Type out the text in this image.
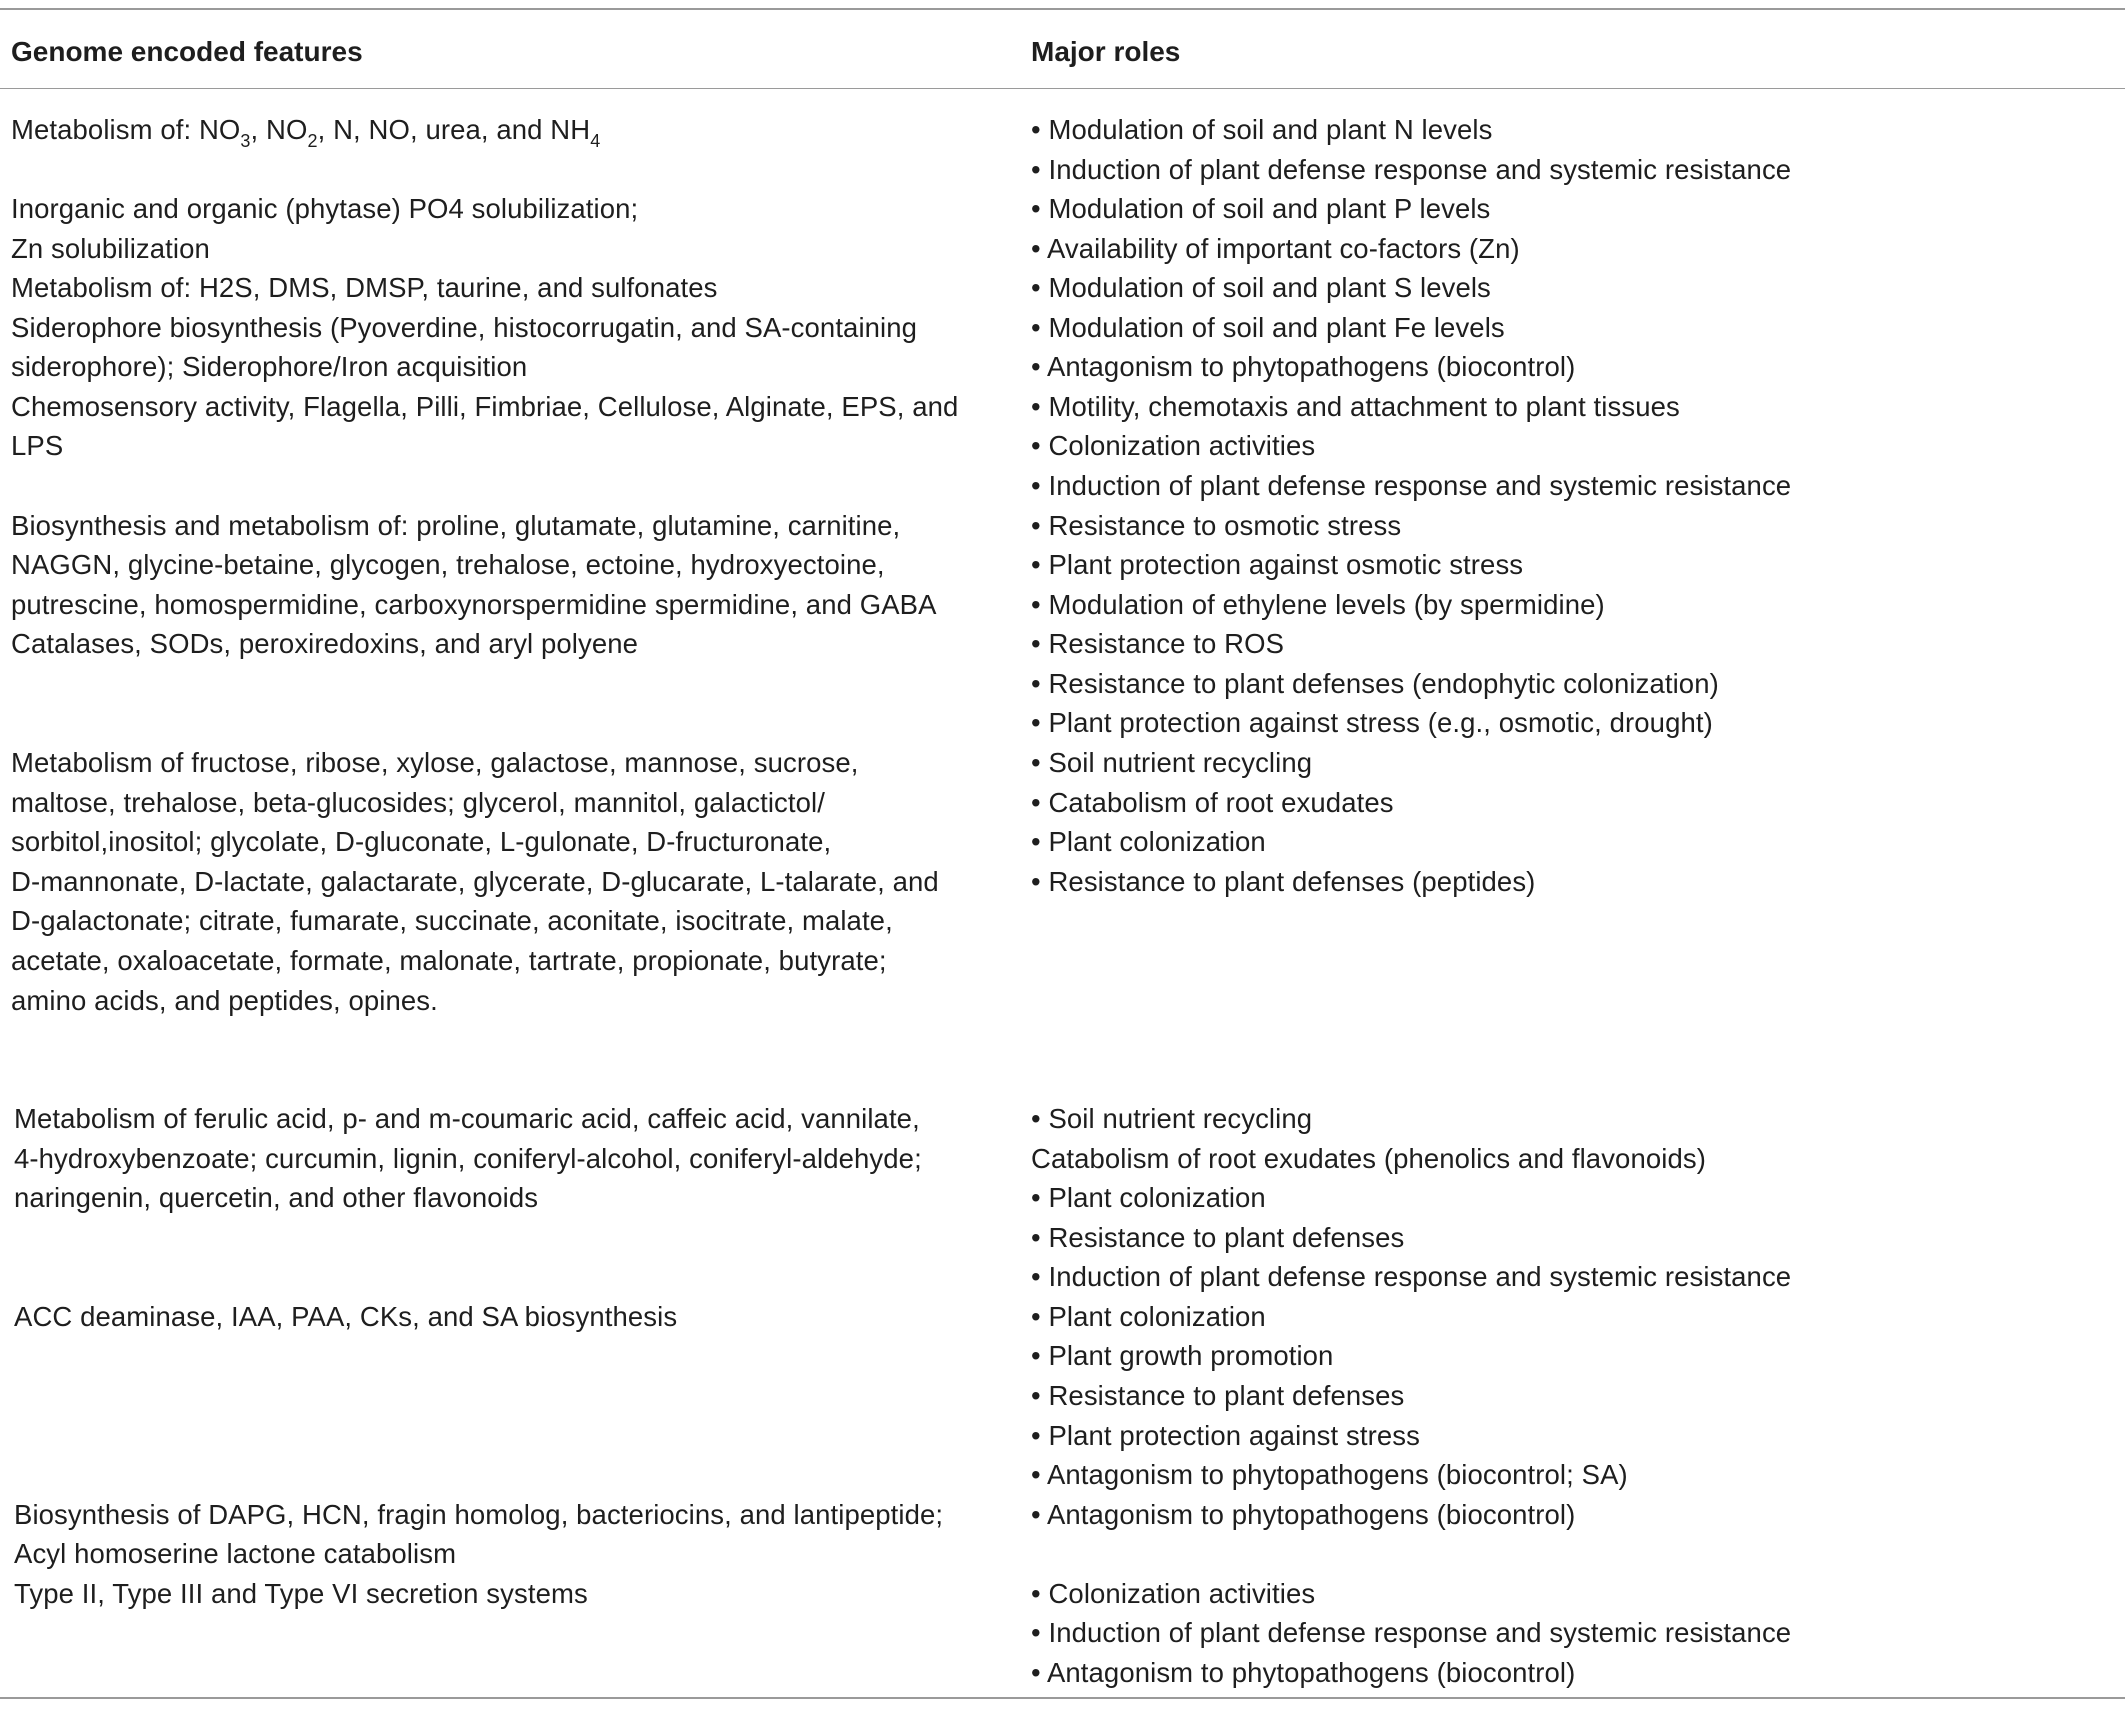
Genome encoded features	Major roles
Metabolism of: $NO_3$, $NO_2$, N, NO, urea, and $NH_4$
Inorganic and organic (phytase) PO4 solubilization;
Zn solubilization
Metabolism of: H2S, DMS, DMSP, taurine, and sulfonates
Siderophore biosynthesis (Pyoverdine, histocorrugatin, and SA-containing
siderophore); Siderophore/Iron acquisition
Chemosensory activity, Flagella, Pilli, Fimbriae, Cellulose, Alginate, EPS, and
LPS
Biosynthesis and metabolism of: proline, glutamate, glutamine, carnitine,
NAGGN, glycine-betaine, glycogen, trehalose, ectoine, hydroxyectoine,
putrescine, homospermidine, carboxynorspermidine spermidine, and GABA
Catalases, SODs, peroxiredoxins, and aryl polyene
Metabolism of fructose, ribose, xylose, galactose, mannose, sucrose,
maltose, trehalose, beta-glucosides; glycerol, mannitol, galactictol/
sorbitol,inositol; glycolate, D-gluconate, L-gulonate, D-fructuronate,
D-mannonate, D-lactate, galactarate, glycerate, D-glucarate, L-talarate, and
D-galactonate; citrate, fumarate, succinate, aconitate, isocitrate, malate,
acetate, oxaloacetate, formate, malonate, tartrate, propionate, butyrate;
amino acids, and peptides, opines.
Metabolism of ferulic acid, p- and m-coumaric acid, caffeic acid, vannilate,
4-hydroxybenzoate; curcumin, lignin, coniferyl-alcohol, coniferyl-aldehyde;
naringenin, quercetin, and other flavonoids
ACC deaminase, IAA, PAA, CKs, and SA biosynthesis
Biosynthesis of DAPG, HCN, fragin homolog, bacteriocins, and lantipeptide;
Acyl homoserine lactone catabolism
Type II, Type III and Type VI secretion systems
• Modulation of soil and plant N levels
• Induction of plant defense response and systemic resistance
• Modulation of soil and plant P levels
• Availability of important co-factors (Zn)
• Modulation of soil and plant S levels
• Modulation of soil and plant Fe levels
• Antagonism to phytopathogens (biocontrol)
• Motility, chemotaxis and attachment to plant tissues
• Colonization activities
• Induction of plant defense response and systemic resistance
• Resistance to osmotic stress
• Plant protection against osmotic stress
• Modulation of ethylene levels (by spermidine)
• Resistance to ROS
• Resistance to plant defenses (endophytic colonization)
• Plant protection against stress (e.g., osmotic, drought)
• Soil nutrient recycling
• Catabolism of root exudates
• Plant colonization
• Resistance to plant defenses (peptides)
• Soil nutrient recycling
Catabolism of root exudates (phenolics and flavonoids)
• Plant colonization
• Resistance to plant defenses
• Induction of plant defense response and systemic resistance
• Plant colonization
• Plant growth promotion
• Resistance to plant defenses
• Plant protection against stress
• Antagonism to phytopathogens (biocontrol; SA)
• Antagonism to phytopathogens (biocontrol)
• Colonization activities
• Induction of plant defense response and systemic resistance
• Antagonism to phytopathogens (biocontrol)
